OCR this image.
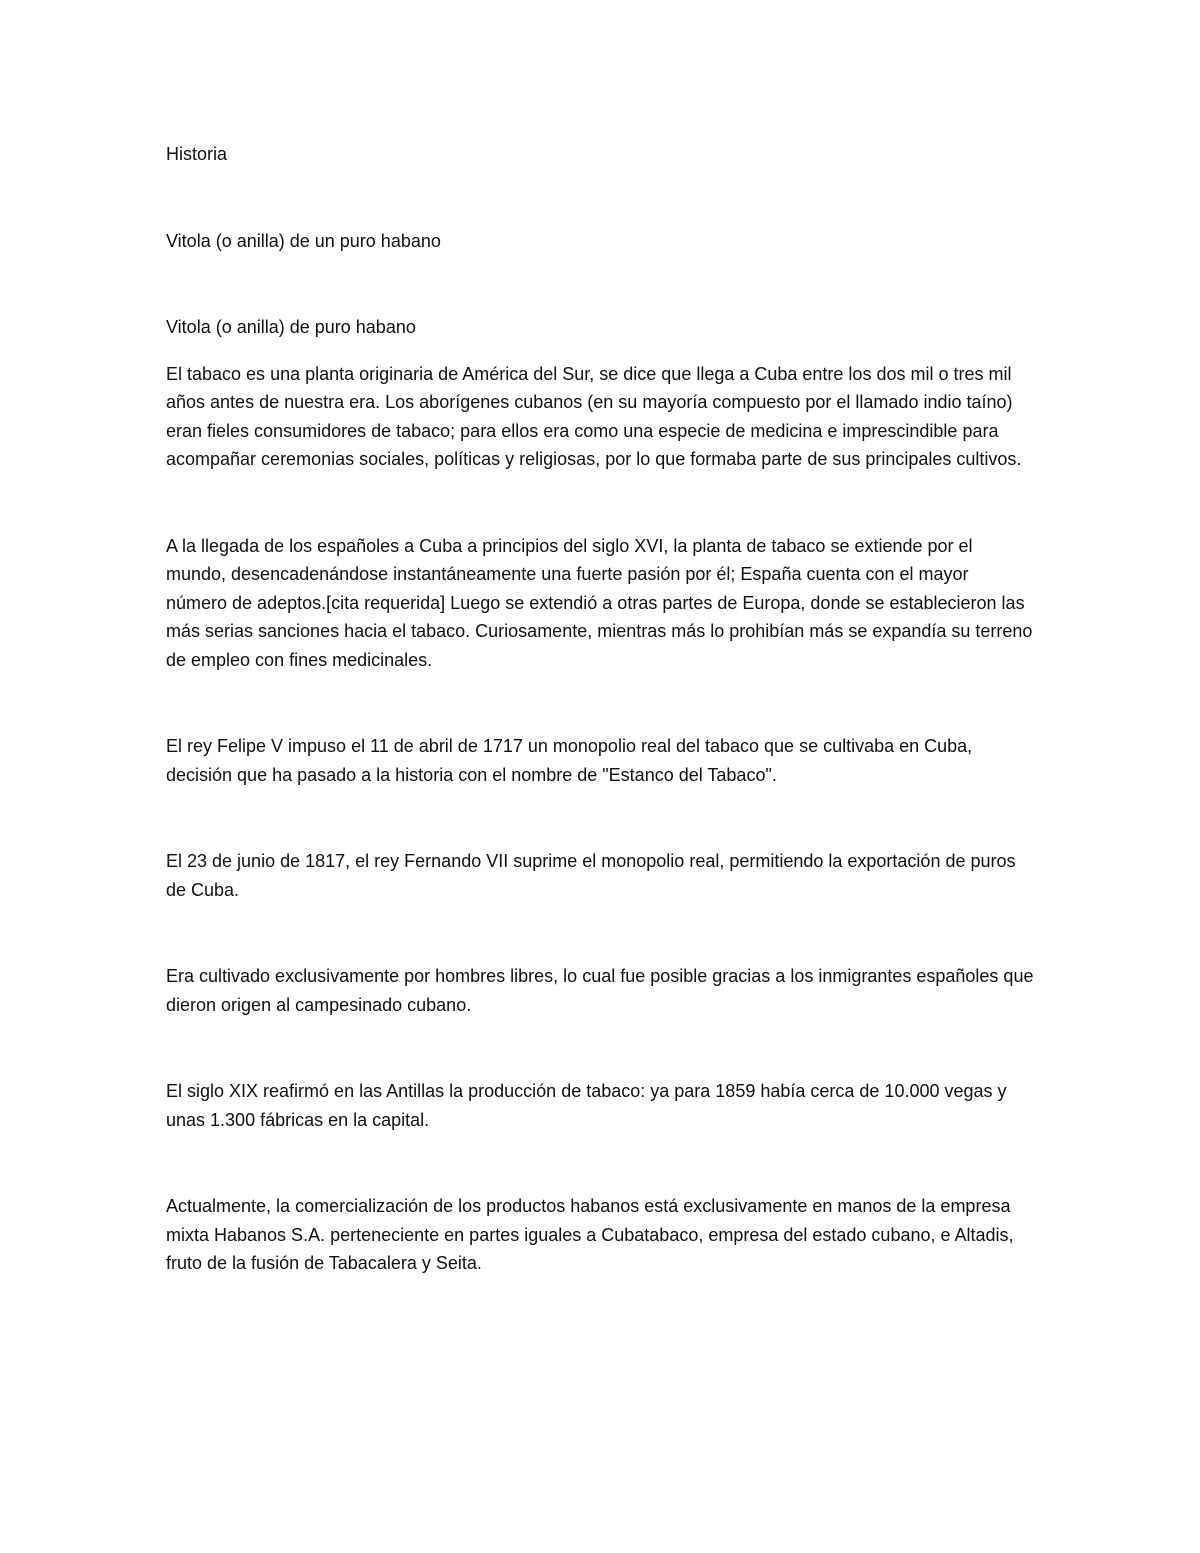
Historia

Vitola (o anilla) de un puro habano

Vitola (o anilla) de puro habano

El tabaco es una planta originaria de América del Sur, se dice que llega a Cuba entre los dos mil o tres mil años antes de nuestra era. Los aborígenes cubanos (en su mayoría compuesto por el llamado indio taíno) eran fieles consumidores de tabaco; para ellos era como una especie de medicina e imprescindible para acompañar ceremonias sociales, políticas y religiosas, por lo que formaba parte de sus principales cultivos.

A la llegada de los españoles a Cuba a principios del siglo XVI, la planta de tabaco se extiende por el mundo, desencadenándose instantáneamente una fuerte pasión por él; España cuenta con el mayor número de adeptos.[cita requerida] Luego se extendió a otras partes de Europa, donde se establecieron las más serias sanciones hacia el tabaco. Curiosamente, mientras más lo prohibían más se expandía su terreno de empleo con fines medicinales.

El rey Felipe V impuso el 11 de abril de 1717 un monopolio real del tabaco que se cultivaba en Cuba, decisión que ha pasado a la historia con el nombre de "Estanco del Tabaco".

El 23 de junio de 1817, el rey Fernando VII suprime el monopolio real, permitiendo la exportación de puros de Cuba.

Era cultivado exclusivamente por hombres libres, lo cual fue posible gracias a los inmigrantes españoles que dieron origen al campesinado cubano.

El siglo XIX reafirmó en las Antillas la producción de tabaco: ya para 1859 había cerca de 10.000 vegas y unas 1.300 fábricas en la capital.

Actualmente, la comercialización de los productos habanos está exclusivamente en manos de la empresa mixta Habanos S.A. perteneciente en partes iguales a Cubatabaco, empresa del estado cubano, e Altadis, fruto de la fusión de Tabacalera y Seita.
